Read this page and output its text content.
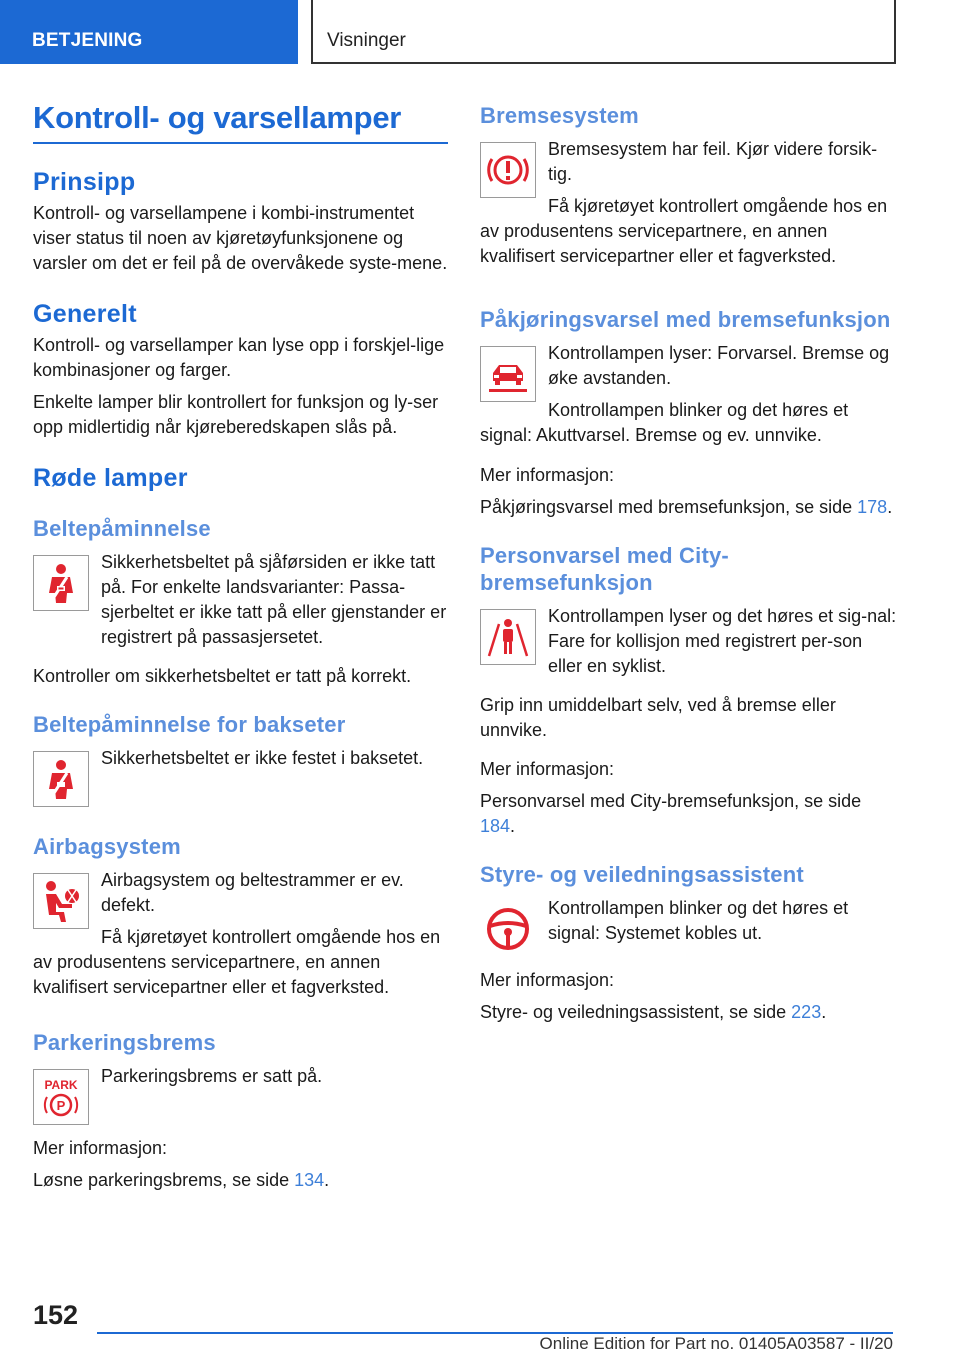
BETJENING	Visninger
Kontroll- og varsellamper
Prinsipp

Kontroll- og varsellampene i kombi-instrumentet viser status til noen av kjøretøyfunksjonene og varsler om det er feil på de overvåkede syste-mene.

Generelt

Kontroll- og varsellamper kan lyse opp i forskjel-lige kombinasjoner og farger.

Enkelte lamper blir kontrollert for funksjon og ly-ser opp midlertidig når kjøreberedskapen slås på.

Røde lamper
Beltepåminnelse

Sikkerhetsbeltet på sjåførsiden er ikke tatt på. For enkelte landsvarianter: Passa-sjerbeltet er ikke tatt på eller gjenstander er registrert på passasjersetet.

Kontroller om sikkerhetsbeltet er tatt på korrekt.

Beltepåminnelse for bakseter

Sikkerhetsbeltet er ikke festet i baksetet.

Airbagsystem

Airbagsystem og beltestrammer er ev. defekt.

Få kjøretøyet kontrollert omgående hos en av produsentens servicepartnere, en annen kvalifisert servicepartner eller et fagverksted.

Parkeringsbrems
PARK
P

Parkeringsbrems er satt på.

Mer informasjon:

Løsne parkeringsbrems, se side 134.

Bremsesystem

Bremsesystem har feil. Kjør videre forsik-tig.

Få kjøretøyet kontrollert omgående hos en av produsentens servicepartnere, en annen kvalifisert servicepartner eller et fagverksted.

Påkjøringsvarsel med bremsefunksjon

Kontrollampen lyser: Forvarsel. Bremse og øke avstanden.

Kontrollampen blinker og det høres et signal: Akuttvarsel. Bremse og ev. unnvike.

Mer informasjon:

Påkjøringsvarsel med bremsefunksjon, se side 178.

Personvarsel med City-bremsefunksjon

Kontrollampen lyser og det høres et sig-nal: Fare for kollisjon med registrert per-son eller en syklist.

Grip inn umiddelbart selv, ved å bremse eller unnvike.

Mer informasjon:

Personvarsel med City-bremsefunksjon, se side 184.

Styre- og veiledningsassistent

Kontrollampen blinker og det høres et signal: Systemet kobles ut.

Mer informasjon:

Styre- og veiledningsassistent, se side 223.

152
Online Edition for Part no. 01405A03587 - II/20
